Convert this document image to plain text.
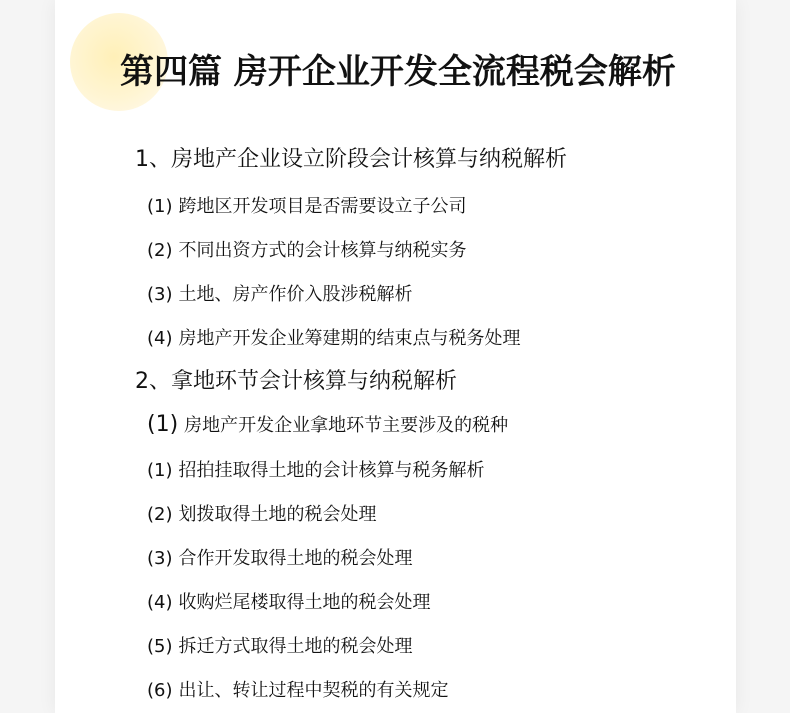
第四篇 房开企业开发全流程税会解析
1、房地产企业设立阶段会计核算与纳税解析
(1) 跨地区开发项目是否需要设立子公司
(2) 不同出资方式的会计核算与纳税实务
(3) 土地、房产作价入股涉税解析
(4) 房地产开发企业筹建期的结束点与税务处理
2、拿地环节会计核算与纳税解析
(1) 房地产开发企业拿地环节主要涉及的税种
(1) 招拍挂取得土地的会计核算与税务解析
(2) 划拨取得土地的税会处理
(3) 合作开发取得土地的税会处理
(4) 收购烂尾楼取得土地的税会处理
(5) 拆迁方式取得土地的税会处理
(6) 出让、转让过程中契税的有关规定
